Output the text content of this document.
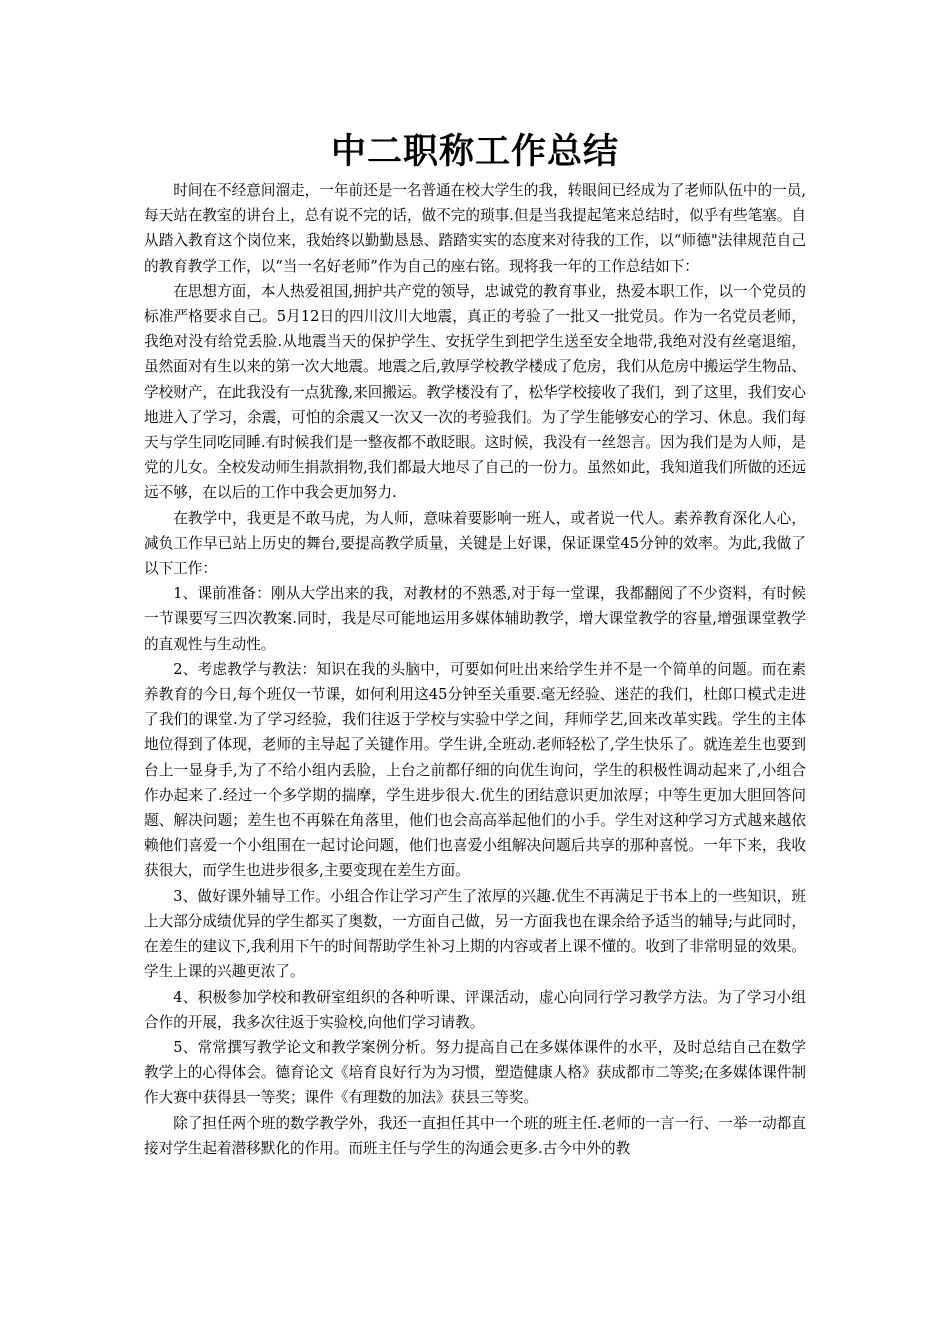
中二职称工作总结

时间在不经意间溜走，一年前还是一名普通在校大学生的我，转眼间已经成为了老师队伍中的一员,每天站在教室的讲台上，总有说不完的话，做不完的琐事.但是当我提起笔来总结时，似乎有些笔塞。自从踏入教育这个岗位来，我始终以勤勤恳恳、踏踏实实的态度来对待我的工作，以“师德"法律规范自己的教育教学工作，以“当一名好老师”作为自己的座右铭。现将我一年的工作总结如下：

在思想方面，本人热爱祖国,拥护共产党的领导，忠诚党的教育事业，热爱本职工作，以一个党员的标准严格要求自己。5月12日的四川汶川大地震，真正的考验了一批又一批党员。作为一名党员老师，我绝对没有给党丢脸.从地震当天的保护学生、安抚学生到把学生送至安全地带,我绝对没有丝毫退缩，虽然面对有生以来的第一次大地震。地震之后,敦厚学校教学楼成了危房，我们从危房中搬运学生物品、学校财产，在此我没有一点犹豫,来回搬运。教学楼没有了，松华学校接收了我们，到了这里，我们安心地进入了学习，余震，可怕的余震又一次又一次的考验我们。为了学生能够安心的学习、休息。我们每天与学生同吃同睡.有时候我们是一整夜都不敢眨眼。这时候，我没有一丝怨言。因为我们是为人师，是党的儿女。全校发动师生捐款捐物,我们都最大地尽了自己的一份力。虽然如此，我知道我们所做的还远远不够，在以后的工作中我会更加努力.

在教学中，我更是不敢马虎，为人师，意味着要影响一班人，或者说一代人。素养教育深化人心，减负工作早已站上历史的舞台,要提高教学质量，关键是上好课，保证课堂45分钟的效率。为此,我做了以下工作：

1、课前准备：刚从大学出来的我，对教材的不熟悉,对于每一堂课，我都翻阅了不少资料，有时候一节课要写三四次教案.同时，我是尽可能地运用多媒体辅助教学，增大课堂教学的容量,增强课堂教学的直观性与生动性。

2、考虑教学与教法：知识在我的头脑中，可要如何吐出来给学生并不是一个简单的问题。而在素养教育的今日,每个班仅一节课，如何利用这45分钟至关重要.毫无经验、迷茫的我们，杜郎口模式走进了我们的课堂.为了学习经验，我们往返于学校与实验中学之间，拜师学艺,回来改革实践。学生的主体地位得到了体现，老师的主导起了关键作用。学生讲,全班动.老师轻松了,学生快乐了。就连差生也要到台上一显身手,为了不给小组内丢脸，上台之前都仔细的向优生询问，学生的积极性调动起来了,小组合作办起来了.经过一个多学期的揣摩，学生进步很大.优生的团结意识更加浓厚；中等生更加大胆回答问题、解决问题；差生也不再躲在角落里，他们也会高高举起他们的小手。学生对这种学习方式越来越依赖他们喜爱一个小组围在一起讨论问题，他们也喜爱小组解决问题后共享的那种喜悦。一年下来，我收获很大，而学生也进步很多,主要变现在差生方面。

3、做好课外辅导工作。小组合作让学习产生了浓厚的兴趣.优生不再满足于书本上的一些知识，班上大部分成绩优异的学生都买了奥数，一方面自己做，另一方面我也在课余给予适当的辅导;与此同时，在差生的建议下,我利用下午的时间帮助学生补习上期的内容或者上课不懂的。收到了非常明显的效果。学生上课的兴趣更浓了。

4、积极参加学校和教研室组织的各种听课、评课活动，虚心向同行学习教学方法。为了学习小组合作的开展，我多次往返于实验校,向他们学习请教。

5、常常撰写教学论文和教学案例分析。努力提高自己在多媒体课件的水平，及时总结自己在数学教学上的心得体会。德育论文《培育良好行为为习惯，塑造健康人格》获成都市二等奖;在多媒体课件制作大赛中获得县一等奖；课件《有理数的加法》获县三等奖。

除了担任两个班的数学教学外，我还一直担任其中一个班的班主任.老师的一言一行、一举一动都直接对学生起着潜移默化的作用。而班主任与学生的沟通会更多.古今中外的教
